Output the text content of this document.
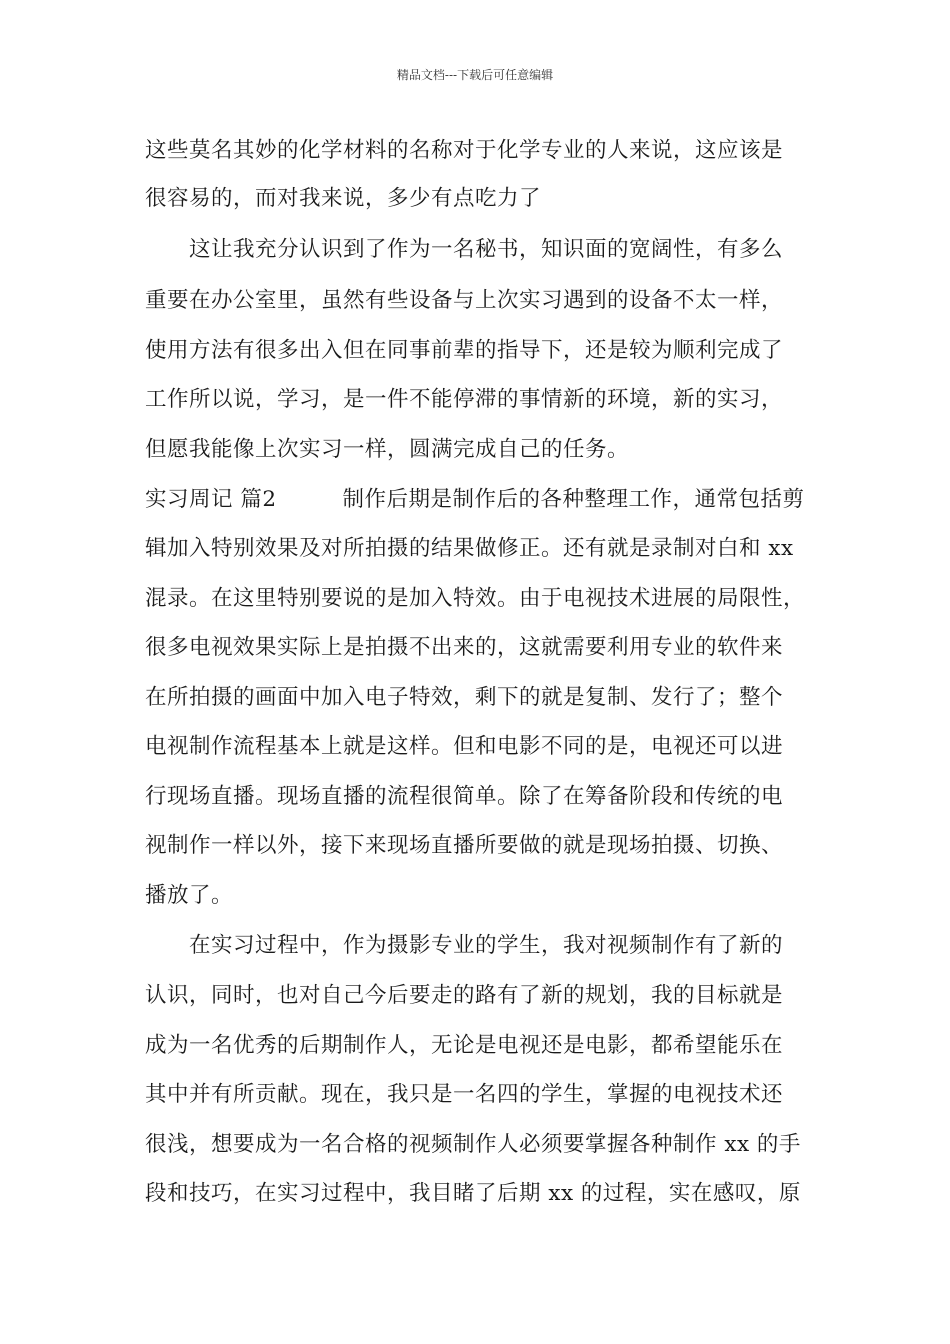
精品文档---下载后可任意编辑
这些莫名其妙的化学材料的名称对于化学专业的人来说，这应该是
很容易的，而对我来说，多少有点吃力了
　　这让我充分认识到了作为一名秘书，知识面的宽阔性，有多么
重要在办公室里，虽然有些设备与上次实习遇到的设备不太一样，
使用方法有很多出入但在同事前辈的指导下，还是较为顺利完成了
工作所以说，学习，是一件不能停滞的事情新的环境，新的实习，
但愿我能像上次实习一样，圆满完成自己的任务。
实习周记 篇2　　　制作后期是制作后的各种整理工作，通常包括剪
辑加入特别效果及对所拍摄的结果做修正。还有就是录制对白和 xx
混录。在这里特别要说的是加入特效。由于电视技术进展的局限性，
很多电视效果实际上是拍摄不出来的，这就需要利用专业的软件来
在所拍摄的画面中加入电子特效，剩下的就是复制、发行了；整个
电视制作流程基本上就是这样。但和电影不同的是，电视还可以进
行现场直播。现场直播的流程很简单。除了在筹备阶段和传统的电
视制作一样以外，接下来现场直播所要做的就是现场拍摄、切换、
播放了。
　　在实习过程中，作为摄影专业的学生，我对视频制作有了新的
认识，同时，也对自己今后要走的路有了新的规划，我的目标就是
成为一名优秀的后期制作人，无论是电视还是电影，都希望能乐在
其中并有所贡献。现在，我只是一名四的学生，掌握的电视技术还
很浅，想要成为一名合格的视频制作人必须要掌握各种制作 xx 的手
段和技巧，在实习过程中，我目睹了后期 xx 的过程，实在感叹，原
